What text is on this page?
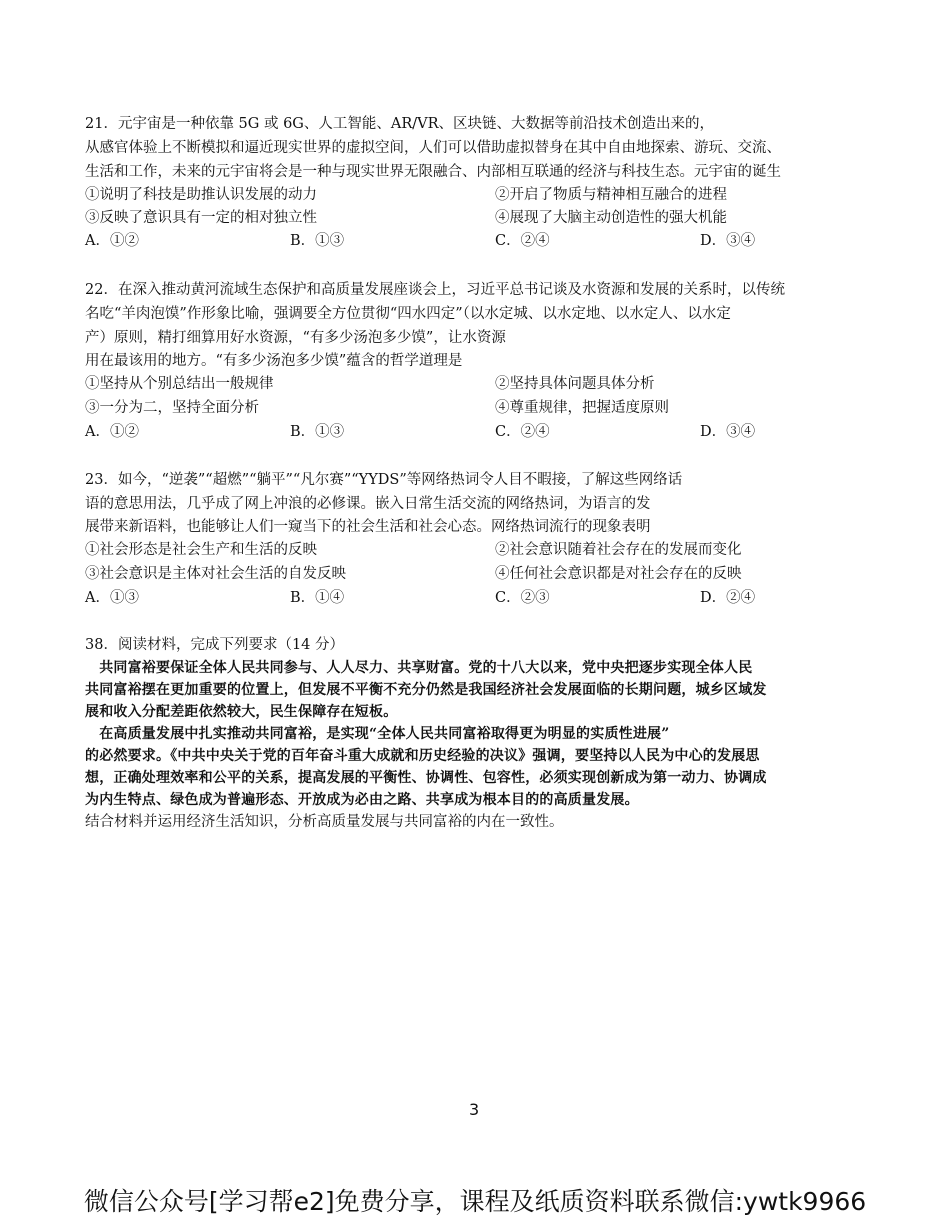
21．元宇宙是一种依靠 5G 或 6G、人工智能、AR/VR、区块链、大数据等前沿技术创造出来的，
从感官体验上不断模拟和逼近现实世界的虚拟空间，人们可以借助虚拟替身在其中自由地探索、游玩、交流、
生活和工作，未来的元宇宙将会是一种与现实世界无限融合、内部相互联通的经济与科技生态。元宇宙的诞生
①说明了科技是助推认识发展的动力	②开启了物质与精神相互融合的进程
③反映了意识具有一定的相对独立性	④展现了大脑主动创造性的强大机能
A．①②	B．①③	C．②④	D．③④
22．在深入推动黄河流域生态保护和高质量发展座谈会上，习近平总书记谈及水资源和发展的关系时，以传统
名吃“羊肉泡馍”作形象比喻，强调要全方位贯彻“四水四定”（以水定城、以水定地、以水定人、以水定
产）原则，精打细算用好水资源，“有多少汤泡多少馍”，让水资源
用在最该用的地方。“有多少汤泡多少馍”蕴含的哲学道理是
①坚持从个别总结出一般规律	②坚持具体问题具体分析
③一分为二，坚持全面分析	④尊重规律，把握适度原则
A．①②	B．①③	C．②④	D．③④
23．如今，“逆袭”“超燃”“躺平”“凡尔赛”“YYDS”等网络热词令人目不暇接，了解这些网络话
语的意思用法，几乎成了网上冲浪的必修课。嵌入日常生活交流的网络热词，为语言的发
展带来新语料，也能够让人们一窥当下的社会生活和社会心态。网络热词流行的现象表明
①社会形态是社会生产和生活的反映	②社会意识随着社会存在的发展而变化
③社会意识是主体对社会生活的自发反映	④任何社会意识都是对社会存在的反映
A．①③	B．①④	C．②③	D．②④
38．阅读材料，完成下列要求（14 分）
　共同富裕要保证全体人民共同参与、人人尽力、共享财富。党的十八大以来，党中央把逐步实现全体人民
共同富裕摆在更加重要的位置上，但发展不平衡不充分仍然是我国经济社会发展面临的长期问题，城乡区域发
展和收入分配差距依然较大，民生保障存在短板。
　在高质量发展中扎实推动共同富裕，是实现“全体人民共同富裕取得更为明显的实质性进展”
的必然要求。《中共中央关于党的百年奋斗重大成就和历史经验的决议》强调，要坚持以人民为中心的发展思
想，正确处理效率和公平的关系，提高发展的平衡性、协调性、包容性，必须实现创新成为第一动力、协调成
为内生特点、绿色成为普遍形态、开放成为必由之路、共享成为根本目的的高质量发展。
结合材料并运用经济生活知识，分析高质量发展与共同富裕的内在一致性。
3
微信公众号[学习帮e2]免费分享，课程及纸质资料联系微信:ywtk9966
